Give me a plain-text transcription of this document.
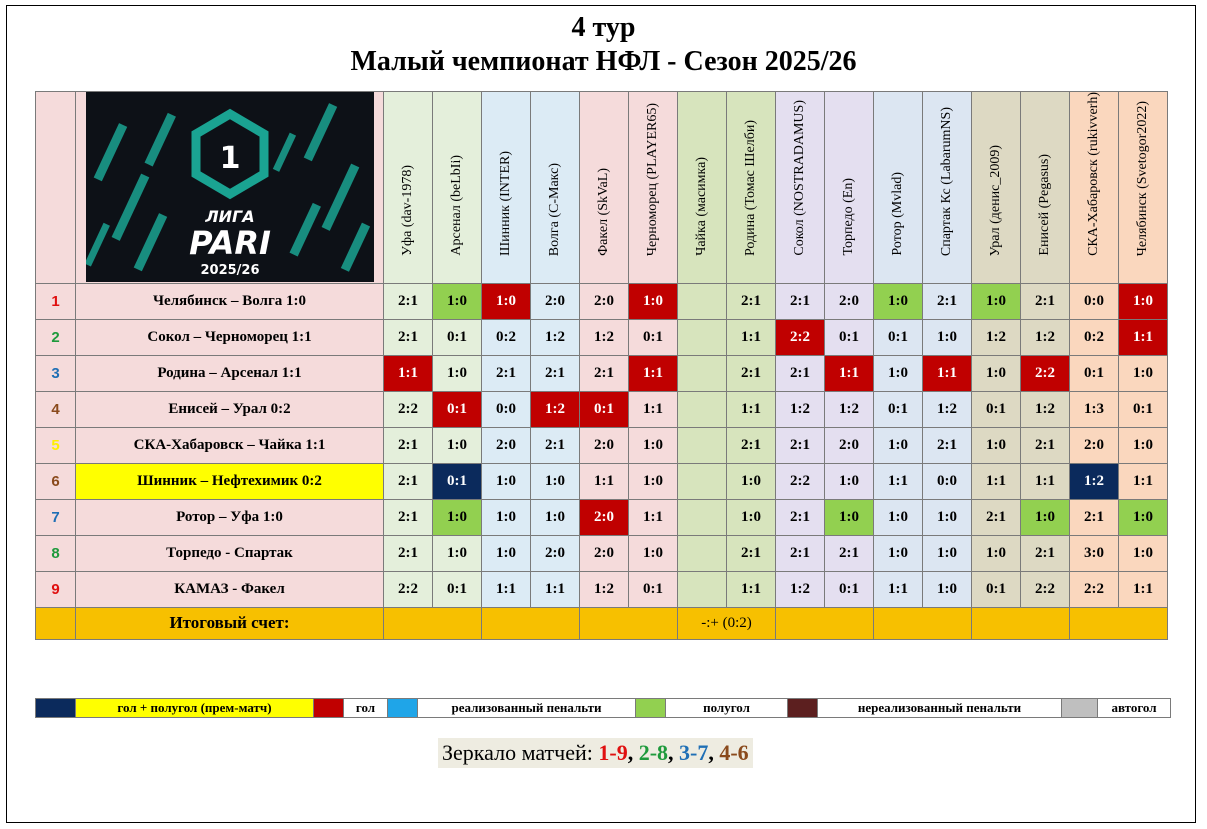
4 тур
Малый чемпионат НФЛ - Сезон 2025/26

1
ЛИГА
PARI
2025/26	Уфа (dav-1978)	Арсенал (beLbIi)	Шинник (INTER)	Волга (С-Макс)	Факел (SkVaL)	Черноморец (PLAYER65)	Чайка (масимка)	Родина (Томас Шелби)	Сокол (NOSTRADAMUS)	Торпедо (En)	Ротор (Mvlad)	Спартак Кс (LabarumNS)	Урал (денис_2009)	Енисей (Pegasus)	СКА-Хабаровск (rukivverh)	Челябинск (Svetogor2022)
1	Челябинск – Волга 1:0	2:1	1:0	1:0	2:0	2:0	1:0		2:1	2:1	2:0	1:0	2:1	1:0	2:1	0:0	1:0
2	Сокол – Черноморец 1:1	2:1	0:1	0:2	1:2	1:2	0:1		1:1	2:2	0:1	0:1	1:0	1:2	1:2	0:2	1:1
3	Родина – Арсенал 1:1	1:1	1:0	2:1	2:1	2:1	1:1		2:1	2:1	1:1	1:0	1:1	1:0	2:2	0:1	1:0
4	Енисей – Урал 0:2	2:2	0:1	0:0	1:2	0:1	1:1		1:1	1:2	1:2	0:1	1:2	0:1	1:2	1:3	0:1
5	СКА-Хабаровск – Чайка 1:1	2:1	1:0	2:0	2:1	2:0	1:0		2:1	2:1	2:0	1:0	2:1	1:0	2:1	2:0	1:0
6	Шинник – Нефтехимик 0:2	2:1	0:1	1:0	1:0	1:1	1:0		1:0	2:2	1:0	1:1	0:0	1:1	1:1	1:2	1:1
7	Ротор – Уфа 1:0	2:1	1:0	1:0	1:0	2:0	1:1		1:0	2:1	1:0	1:0	1:0	2:1	1:0	2:1	1:0
8	Торпедо - Спартак	2:1	1:0	1:0	2:0	2:0	1:0		2:1	2:1	2:1	1:0	1:0	1:0	2:1	3:0	1:0
9	КАМАЗ - Факел	2:2	0:1	1:1	1:1	1:2	0:1		1:1	1:2	0:1	1:1	1:0	0:1	2:2	2:2	1:1
	Итоговый счет:							-:+ (0:2)									
гол + полугол (прем-матч)	гол	реализованный пенальти	полугол	нереализованный пенальти	автогол
Зеркало матчей: 1-9, 2-8, 3-7, 4-6
